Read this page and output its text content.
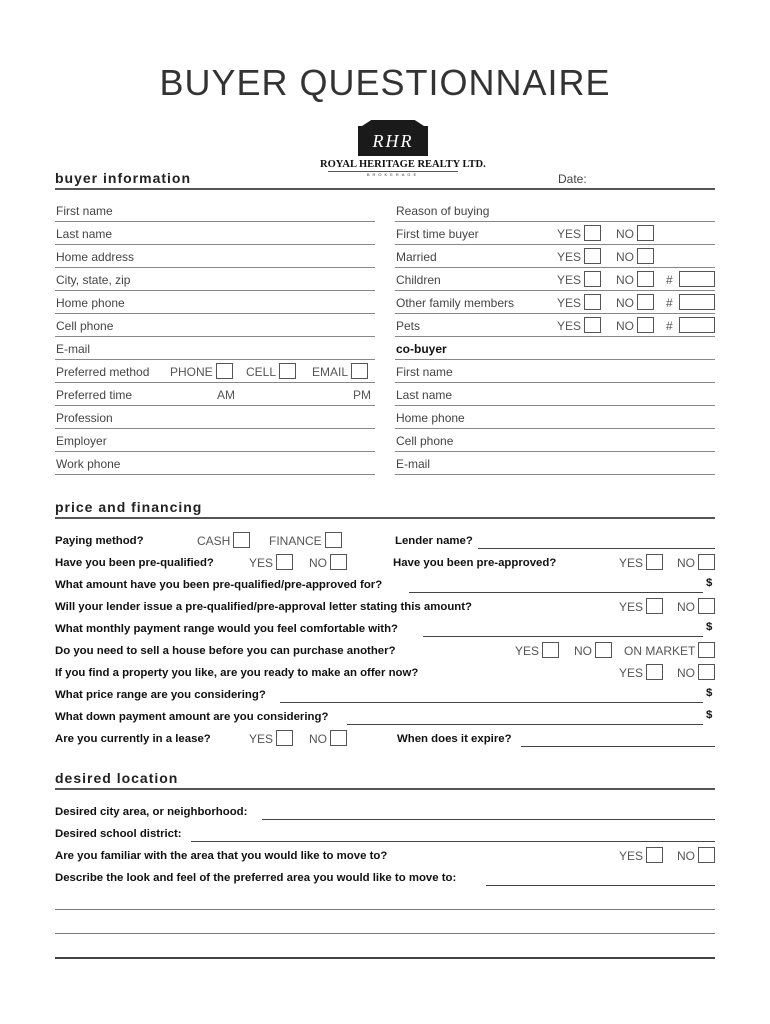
BUYER QUESTIONNAIRE
RHR
ROYAL HERITAGE REALTY LTD.
BROKERAGE
buyer information	Date:
First name
Last name
Home address
City, state, zip
Home phone
Cell phone
E-mail
Preferred method PHONE	CELL	EMAIL
Preferred time	AM	PM
Profession
Employer
Work phone
Reason of buying
First time buyer	YES	NO
Married	YES	NO
Children	YES	NO	#
Other family members	YES	NO	#
Pets	YES	NO	#
co-buyer
First name
Last name
Home phone
Cell phone
E-mail
price and financing
Paying method?	CASH	FINANCE	Lender name?
Have you been pre-qualified?	YES	NO	Have you been pre-approved?	YES	NO
What amount have you been pre-qualified/pre-approved for?	$
Will your lender issue a pre-qualified/pre-approval letter stating this amount?	YES	NO
What monthly payment range would you feel comfortable with?	$
Do you need to sell a house before you can purchase another?	YES	NO	ON MARKET
If you find a property you like, are you ready to make an offer now?	YES	NO
What price range are you considering?	$
What down payment amount are you considering?	$
Are you currently in a lease?	YES	NO	When does it expire?
desired location
Desired city area, or neighborhood:
Desired school district:
Are you familiar with the area that you would like to move to?	YES	NO
Describe the look and feel of the preferred area you would like to move to:
